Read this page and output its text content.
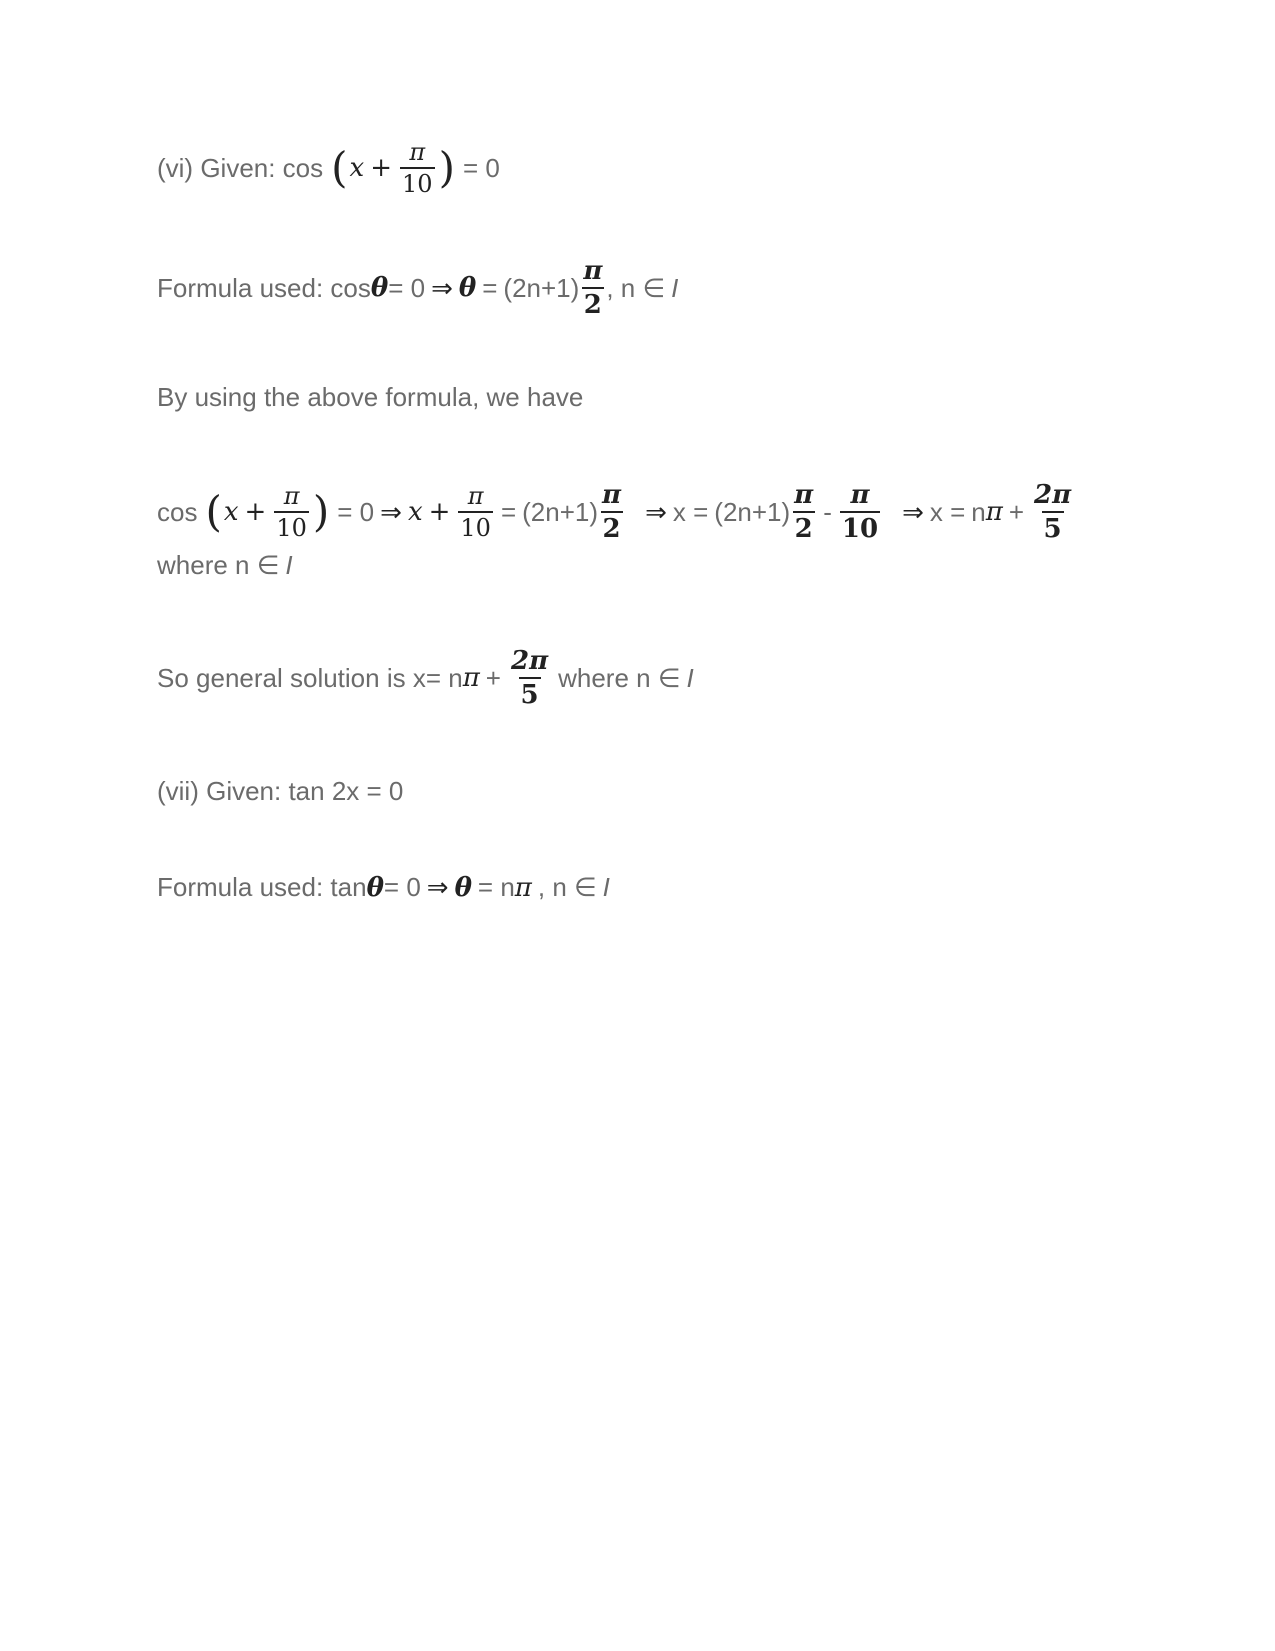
(vi) Given: cos ( $x + \frac{\pi}{10}$ ) = 0
Formula used: cos θ = 0 ⇒ $\theta = (2n+1) \frac{\pi}{2}$ , n ∈ I
By using the above formula, we have
cos ( $x + \frac{\pi}{10}$ ) = 0 ⇒ $x + \frac{\pi}{10} = (2n+1) \frac{\pi}{2}$ ⇒ $x = (2n+1) \frac{\pi}{2} - \frac{\pi}{10}$ ⇒ x = n $\pi + \frac{2\pi}{5}$
where n ∈ I
So general solution is x= n $\pi + \frac{2\pi}{5}$ where n ∈ I
(vii) Given: tan 2x = 0
Formula used: tan θ = 0 ⇒ θ = n π , n ∈ I
